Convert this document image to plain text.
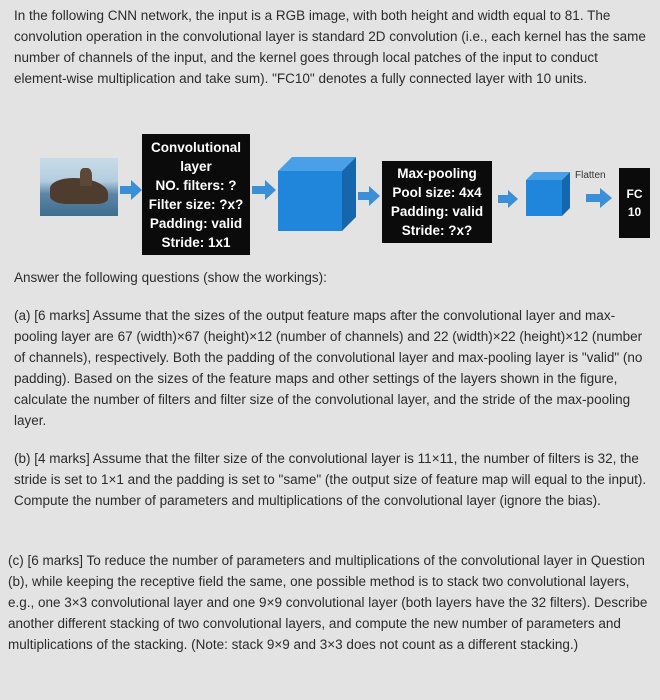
In the following CNN network, the input is a RGB image, with both height and width equal to 81. The convolution operation in the convolutional layer is standard 2D convolution (i.e., each kernel has the same number of channels of the input, and the kernel goes through local patches of the input to conduct element-wise multiplication and take sum). "FC10" denotes a fully connected layer with 10 units.

Convolutional
layer
NO. filters: ?
Filter size: ?x?
Padding: valid
Stride: 1x1
Max-pooling
Pool size: 4x4
Padding: valid
Stride: ?x?
Flatten
FC
10

Answer the following questions (show the workings):

(a) [6 marks] Assume that the sizes of the output feature maps after the convolutional layer and max-pooling layer are 67 (width)×67 (height)×12 (number of channels) and 22 (width)×22 (height)×12 (number of channels), respectively. Both the padding of the convolutional layer and max-pooling layer is "valid" (no padding). Based on the sizes of the feature maps and other settings of the layers shown in the figure, calculate the number of filters and filter size of the convolutional layer, and the stride of the max-pooling layer.

(b) [4 marks] Assume that the filter size of the convolutional layer is 11×11, the number of filters is 32, the stride is set to 1×1 and the padding is set to "same" (the output size of feature map will equal to the input). Compute the number of parameters and multiplications of the convolutional layer (ignore the bias).

(c) [6 marks] To reduce the number of parameters and multiplications of the convolutional layer in Question (b), while keeping the receptive field the same, one possible method is to stack two convolutional layers, e.g., one 3×3 convolutional layer and one 9×9 convolutional layer (both layers have the 32 filters). Describe another different stacking of two convolutional layers, and compute the new number of parameters and multiplications of the stacking. (Note: stack 9×9 and 3×3 does not count as a different stacking.)
